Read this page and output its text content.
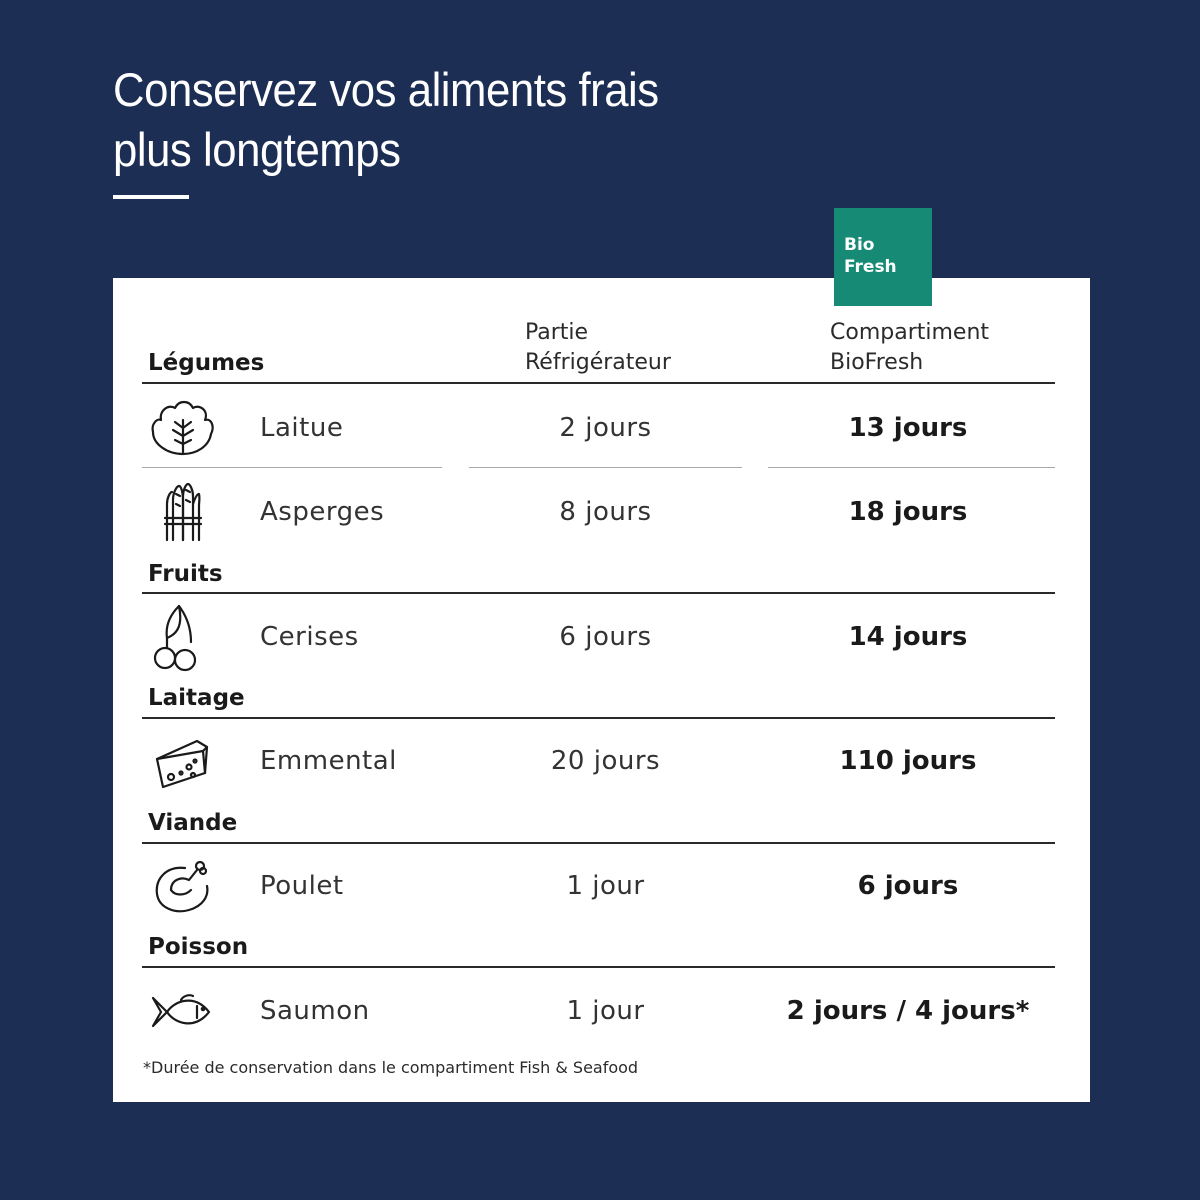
Conservez vos aliments frais
plus longtemps
Bio
Fresh
Partie
Réfrigérateur
Compartiment
BioFresh
Légumes
Laitue	2 jours	13 jours
Asperges	8 jours	18 jours
Fruits
Cerises	6 jours	14 jours
Laitage
Emmental	20 jours	110 jours
Viande
Poulet	1 jour	6 jours
Poisson
Saumon	1 jour	2 jours / 4 jours*
*Durée de conservation dans le compartiment Fish & Seafood
